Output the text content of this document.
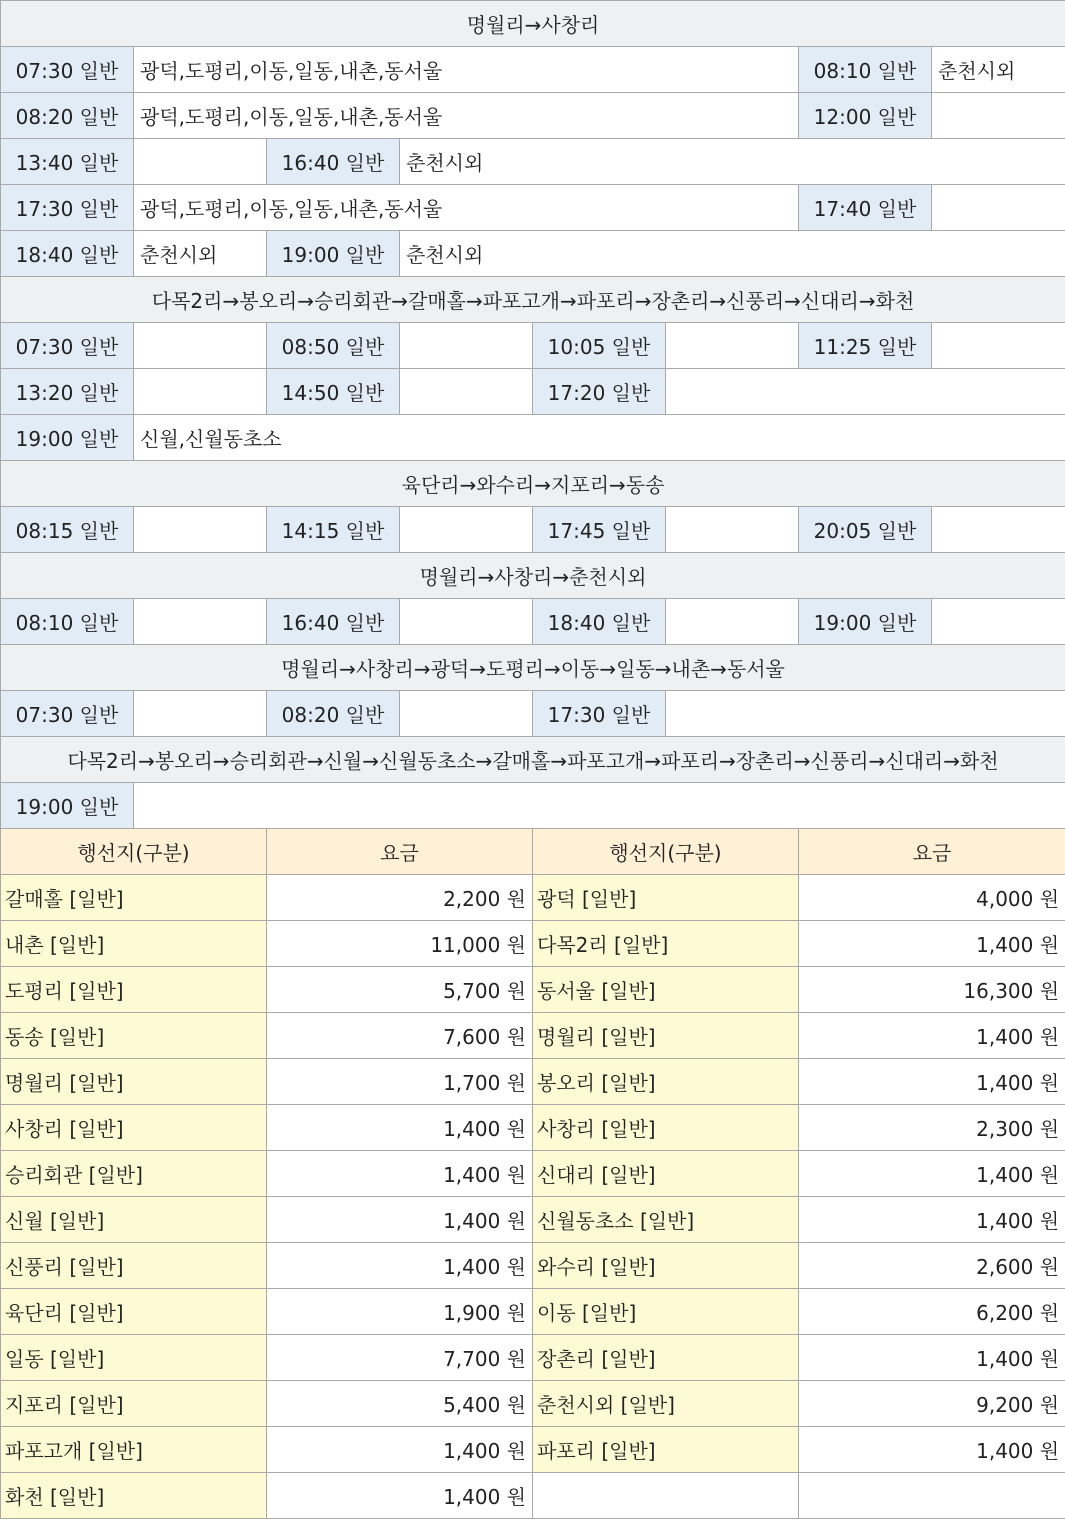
명월리→사창리							
07:30 일반	광덕,도평리,이동,일동,내촌,동서울					08:10 일반	춘천시외
08:20 일반	광덕,도평리,이동,일동,내촌,동서울					12:00 일반	
13:40 일반		16:40 일반	춘천시외				
17:30 일반	광덕,도평리,이동,일동,내촌,동서울					17:40 일반	
18:40 일반	춘천시외	19:00 일반	춘천시외				
다목2리→봉오리→승리회관→갈매홀→파포고개→파포리→장촌리→신풍리→신대리→화천							
07:30 일반		08:50 일반		10:05 일반		11:25 일반	
13:20 일반		14:50 일반		17:20 일반			
19:00 일반	신월,신월동초소						
육단리→와수리→지포리→동송							
08:15 일반		14:15 일반		17:45 일반		20:05 일반	
명월리→사창리→춘천시외							
08:10 일반		16:40 일반		18:40 일반		19:00 일반	
명월리→사창리→광덕→도평리→이동→일동→내촌→동서울							
07:30 일반		08:20 일반		17:30 일반			
다목2리→봉오리→승리회관→신월→신월동초소→갈매홀→파포고개→파포리→장촌리→신풍리→신대리→화천							
19:00 일반							
행선지(구분)		요금		행선지(구분)		요금	
갈매홀 [일반]		2,200 원		광덕 [일반]		4,000 원	
내촌 [일반]		11,000 원		다목2리 [일반]		1,400 원	
도평리 [일반]		5,700 원		동서울 [일반]		16,300 원	
동송 [일반]		7,600 원		명월리 [일반]		1,400 원	
명월리 [일반]		1,700 원		봉오리 [일반]		1,400 원	
사창리 [일반]		1,400 원		사창리 [일반]		2,300 원	
승리회관 [일반]		1,400 원		신대리 [일반]		1,400 원	
신월 [일반]		1,400 원		신월동초소 [일반]		1,400 원	
신풍리 [일반]		1,400 원		와수리 [일반]		2,600 원	
육단리 [일반]		1,900 원		이동 [일반]		6,200 원	
일동 [일반]		7,700 원		장촌리 [일반]		1,400 원	
지포리 [일반]		5,400 원		춘천시외 [일반]		9,200 원	
파포고개 [일반]		1,400 원		파포리 [일반]		1,400 원	
화천 [일반]		1,400 원					
